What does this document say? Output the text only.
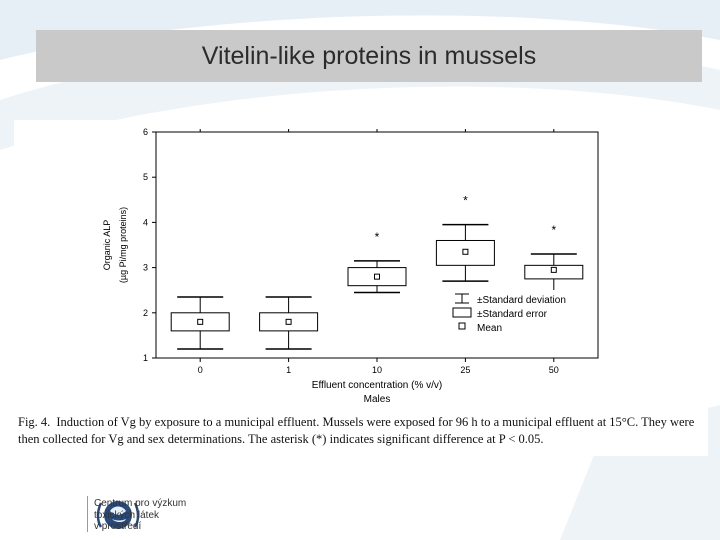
Vitelin-like proteins in mussels
1
2
3
4
5
6
0	1	10	25	50
Effluent concentration (% v/v)
Males
Organic ALP (µg Pi/mg proteins)	*
*
*
±Standard deviation
±Standard error
Mean
Fig. 4. Induction of Vg by exposure to a municipal effluent. Mussels were exposed for 96 h to a municipal effluent at 15°C. They were then collected for Vg and sex determinations. The asterisk (*) indicates significant difference at P < 0.05.
Centrum pro výzkum
toxických látek
v prostředí
